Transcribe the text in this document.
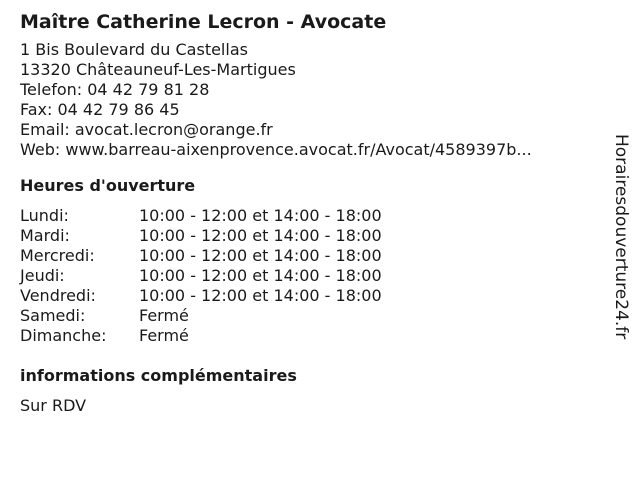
Maître Catherine Lecron - Avocate
1 Bis Boulevard du Castellas
13320 Châteauneuf-Les-Martigues
Telefon: 04 42 79 81 28
Fax: 04 42 79 86 45
Email: avocat.lecron@orange.fr
Web: www.barreau-aixenprovence.avocat.fr/Avocat/4589397b...
Heures d'ouverture
Lundi:	10:00 - 12:00 et 14:00 - 18:00
Mardi:	10:00 - 12:00 et 14:00 - 18:00
Mercredi:	10:00 - 12:00 et 14:00 - 18:00
Jeudi:	10:00 - 12:00 et 14:00 - 18:00
Vendredi:	10:00 - 12:00 et 14:00 - 18:00
Samedi:	Fermé
Dimanche:	Fermé
informations complémentaires
Sur RDV
Horairesdouverture24.fr
